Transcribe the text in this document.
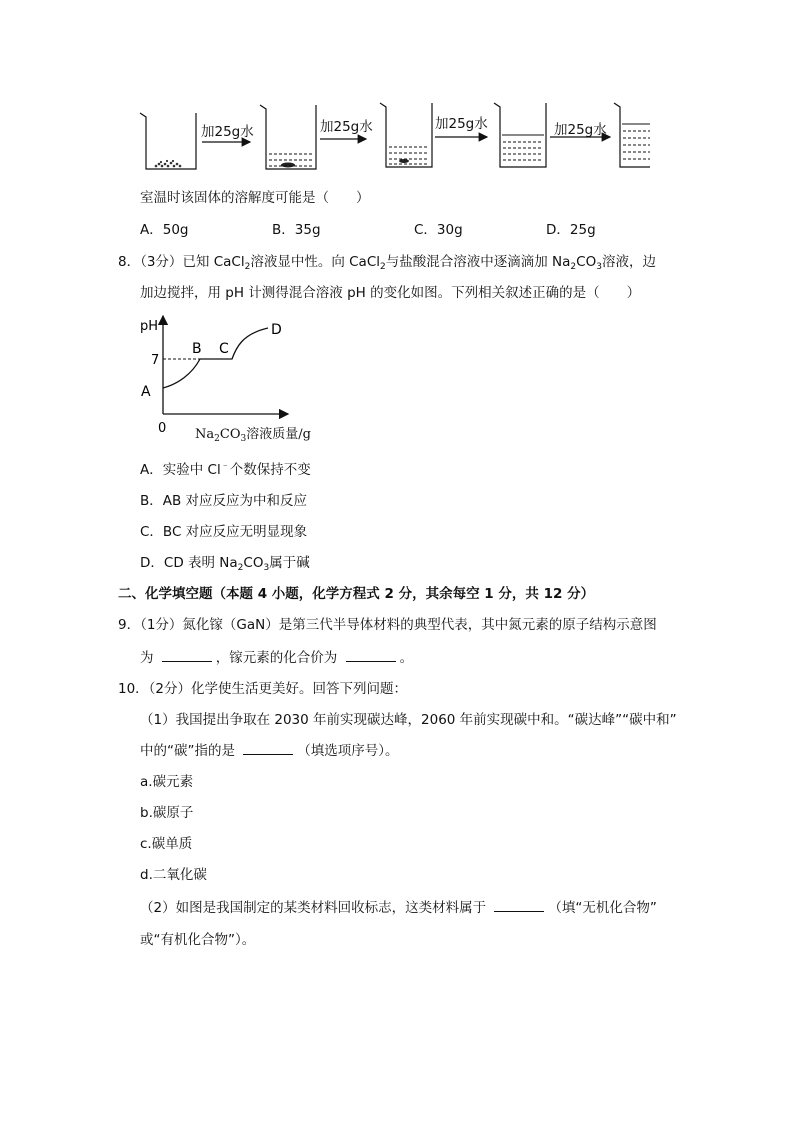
加25g水	加25g水	加25g水	加25g水
室温时该固体的溶解度可能是（　　）
A．50g	B．35g	C．30g	D．25g
8．（3分）已知 CaCl$_2$溶液显中性。向 CaCl$_2$与盐酸混合溶液中逐滴滴加 $Na_2CO_3$溶液，边
加边搅拌，用 pH 计测得混合溶液 pH 的变化如图。下列相关叙述正确的是（　　）
pH
7
0
A
B C
D
$Na_2CO_3$溶液质量/g
A．实验中 Cl﹣个数保持不变
B．AB 对应反应为中和反应
C．BC 对应反应无明显现象
D．CD 表明 $Na_2CO_3$属于碱
二、化学填空题（本题 4 小题，化学方程式 2 分，其余每空 1 分，共 12 分）
9．（1分）氮化镓（GaN）是第三代半导体材料的典型代表，其中氮元素的原子结构示意图
为	，镓元素的化合价为	。
10．（2分）化学使生活更美好。回答下列问题：
（1）我国提出争取在 2030 年前实现碳达峰，2060 年前实现碳中和。“碳达峰”“碳中和”
中的“碳”指的是	（填选项序号）。
a.碳元素
b.碳原子
c.碳单质
d.二氧化碳
（2）如图是我国制定的某类材料回收标志，这类材料属于	（填“无机化合物”
或“有机化合物”）。
